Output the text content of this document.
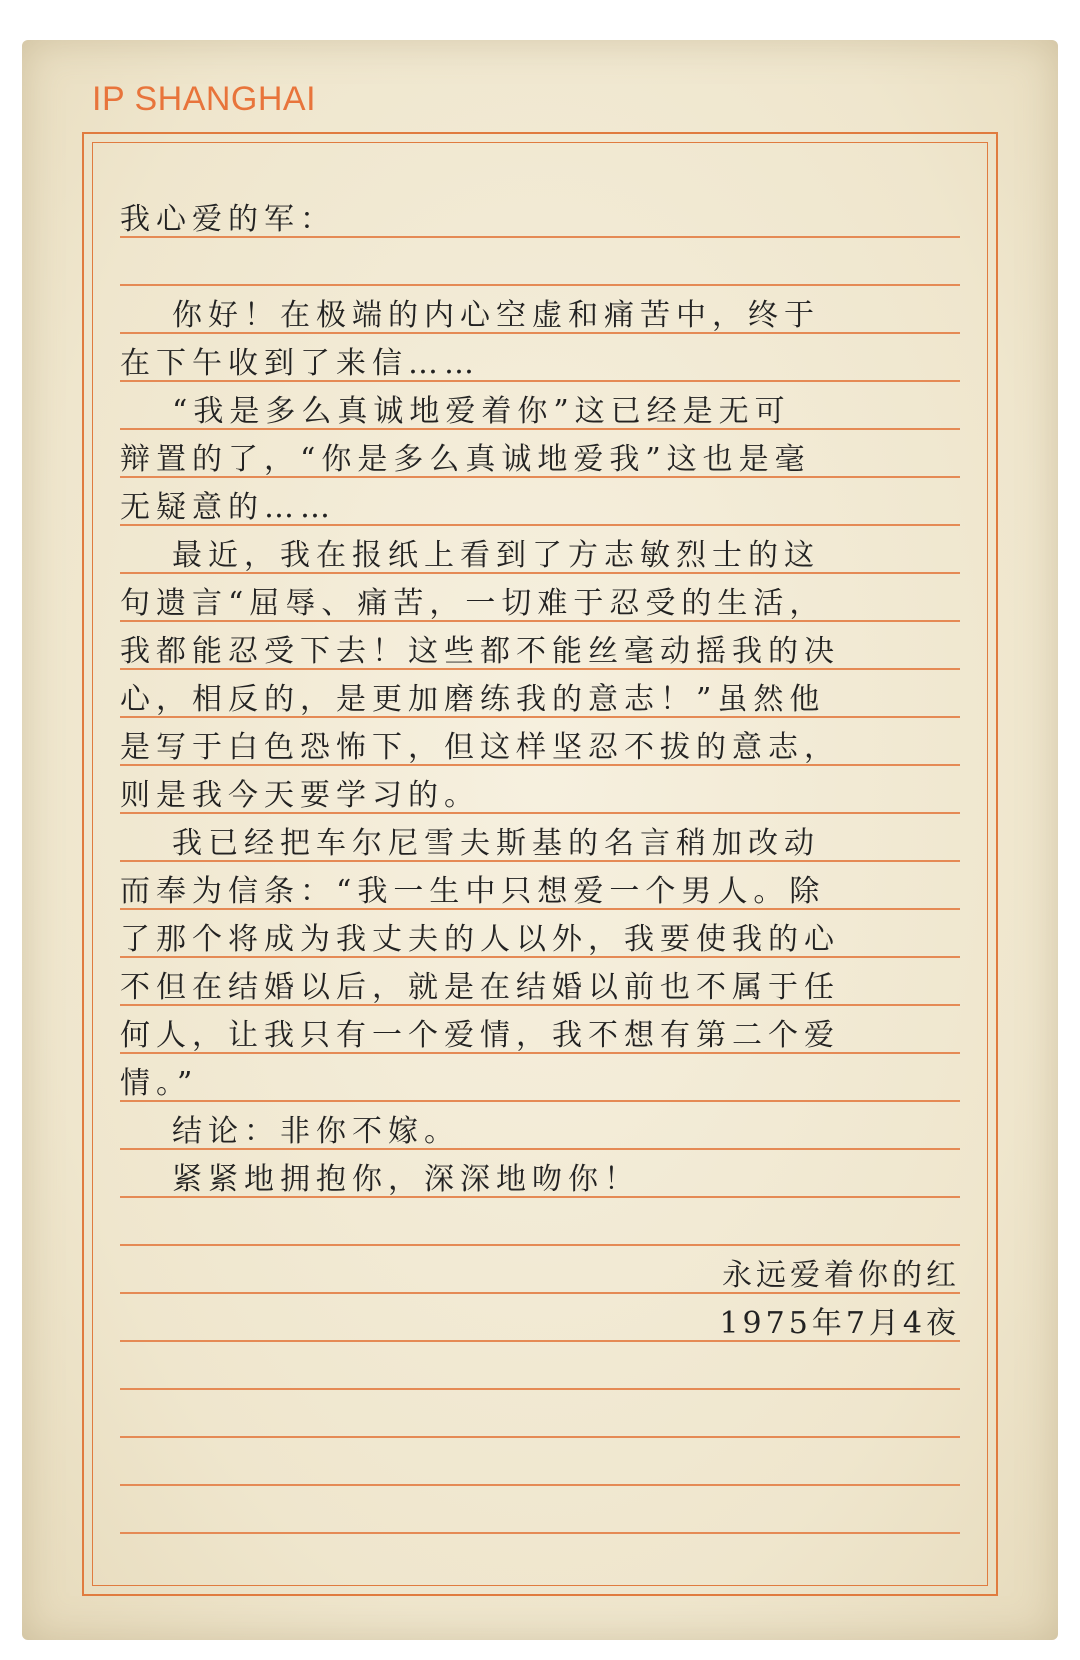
IP SHANGHAI
我心爱的军：
你好！在极端的内心空虚和痛苦中，终于
在下午收到了来信……
“我是多么真诚地爱着你”这已经是无可
辩置的了，“你是多么真诚地爱我”这也是毫
无疑意的……
最近，我在报纸上看到了方志敏烈士的这
句遗言“屈辱、痛苦，一切难于忍受的生活，
我都能忍受下去！这些都不能丝毫动摇我的决
心，相反的，是更加磨练我的意志！”虽然他
是写于白色恐怖下，但这样坚忍不拔的意志，
则是我今天要学习的。
我已经把车尔尼雪夫斯基的名言稍加改动
而奉为信条：“我一生中只想爱一个男人。除
了那个将成为我丈夫的人以外，我要使我的心
不但在结婚以后，就是在结婚以前也不属于任
何人，让我只有一个爱情，我不想有第二个爱
情。”
结论：非你不嫁。
紧紧地拥抱你，深深地吻你！
永远爱着你的红
1975年7月4夜
